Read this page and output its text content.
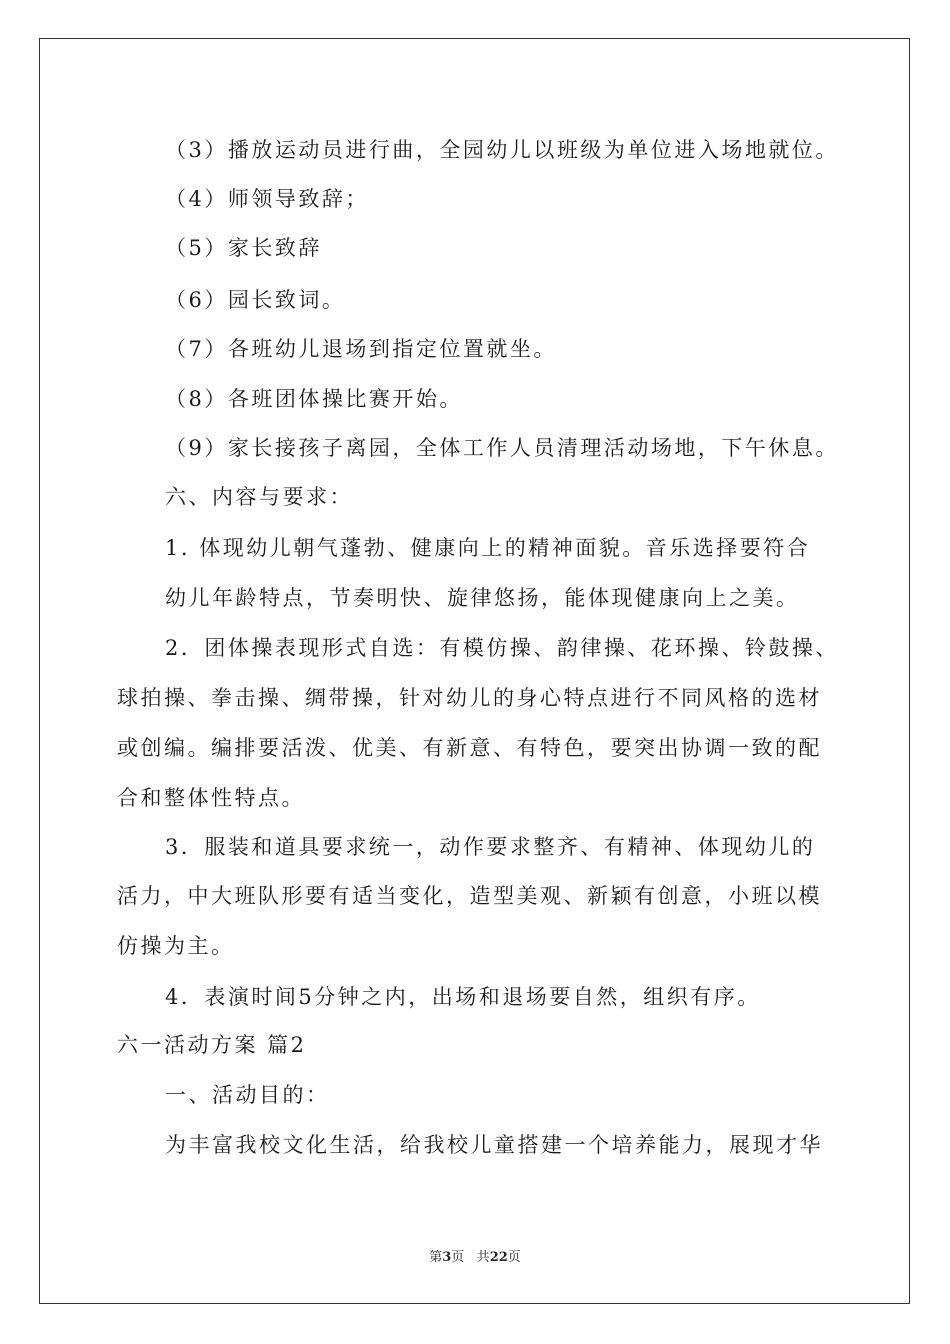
（3）播放运动员进行曲，全园幼儿以班级为单位进入场地就位。
（4）师领导致辞；
（5）家长致辞
（6）园长致词。
（7）各班幼儿退场到指定位置就坐。
（8）各班团体操比赛开始。
（9）家长接孩子离园，全体工作人员清理活动场地，下午休息。
六、内容与要求：
1. 体现幼儿朝气蓬勃、健康向上的精神面貌。音乐选择要符合
幼儿年龄特点，节奏明快、旋律悠扬，能体现健康向上之美。
2．团体操表现形式自选：有模仿操、韵律操、花环操、铃鼓操、
球拍操、拳击操、绸带操，针对幼儿的身心特点进行不同风格的选材
或创编。编排要活泼、优美、有新意、有特色，要突出协调一致的配
合和整体性特点。
3．服装和道具要求统一，动作要求整齐、有精神、体现幼儿的
活力，中大班队形要有适当变化，造型美观、新颖有创意，小班以模
仿操为主。
4．表演时间5分钟之内，出场和退场要自然，组织有序。
六一活动方案 篇2
一、活动目的：
为丰富我校文化生活，给我校儿童搭建一个培养能力，展现才华
第3页 共22页
